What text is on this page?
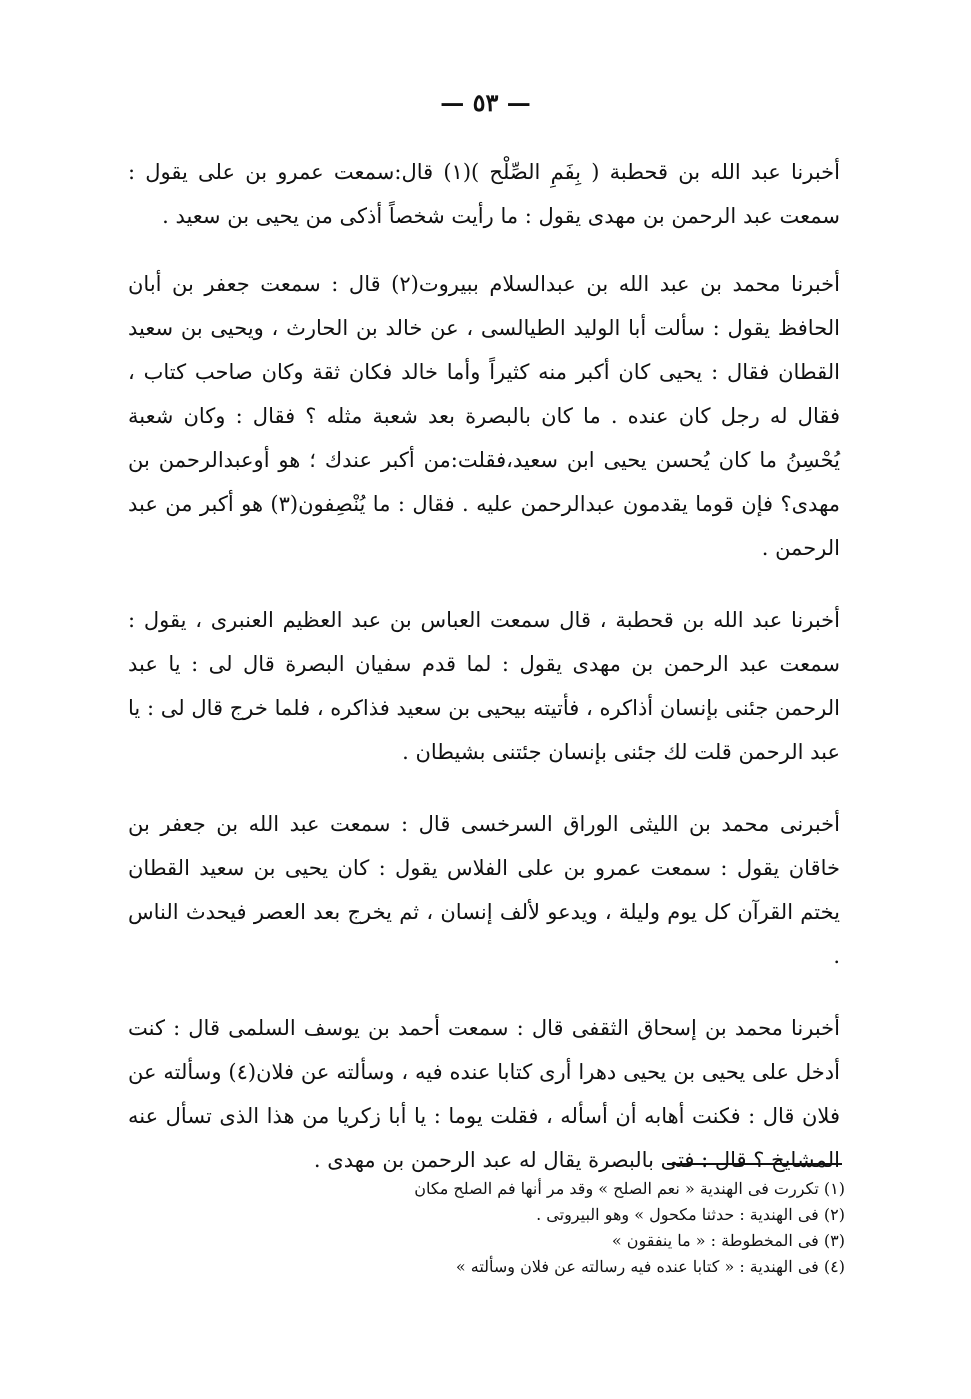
— ٥٣ —

أخبرنا عبد الله بن قحطبة ( بِفَمِ الصِّلْح )(١) قال:سمعت عمرو بن على يقول : سمعت عبد الرحمن بن مهدى يقول : ما رأيت شخصاً أذكى من يحيى بن سعيد .

أخبرنا محمد بن عبد الله بن عبدالسلام ببيروت(٢) قال : سمعت جعفر بن أبان الحافظ يقول : سألت أبا الوليد الطيالسى ، عن خالد بن الحارث ، ويحيى بن سعيد القطان فقال : يحيى كان أكبر منه كثيراً وأما خالد فكان ثقة وكان صاحب كتاب ، فقال له رجل كان عنده . ما كان بالبصرة بعد شعبة مثله ؟ فقال : وكان شعبة يُحْسِنُ ما كان يُحسن يحيى ابن سعيد،فقلت:من أكبر عندك ؛ هو أوعبدالرحمن بن مهدى؟ فإن قوما يقدمون عبدالرحمن عليه . فقال : ما يُنْصِفون(٣) هو أكبر من عبد الرحمن .

أخبرنا عبد الله بن قحطبة ، قال سمعت العباس بن عبد العظيم العنبرى ، يقول : سمعت عبد الرحمن بن مهدى يقول : لما قدم سفيان البصرة قال لى : يا عبد الرحمن جئنى بإنسان أذاكره ، فأتيته بيحيى بن سعيد فذاكره ، فلما خرج قال لى : يا عبد الرحمن قلت لك جئنى بإنسان جئتنى بشيطان .

أخبرنى محمد بن الليثى الوراق السرخسى قال : سمعت عبد الله بن جعفر بن خاقان يقول : سمعت عمرو بن على الفلاس يقول : كان يحيى بن سعيد القطان يختم القرآن كل يوم وليلة ، ويدعو لألف إنسان ، ثم يخرج بعد العصر فيحدث الناس .

أخبرنا محمد بن إسحاق الثقفى قال : سمعت أحمد بن يوسف السلمى قال : كنت أدخل على يحيى بن يحيى دهرا أرى كتابا عنده فيه ، وسألته عن فلان(٤) وسألته عن فلان قال : فكنت أهابه أن أسأله ، فقلت يوما : يا أبا زكريا من هذا الذى تسأل عنه المشايخ ؟ قال : فتى بالبصرة يقال له عبد الرحمن بن مهدى .

(١) تكررت فى الهندية « نعم الصلح » وقد مر أنها فم الصلح مكان

(٢) فى الهندية : حدثنا مكحول » وهو البيروتى .

(٣) فى المخطوطة : « ما ينفقون »

(٤) فى الهندية : « كتابا عنده فيه رسالته عن فلان وسألته »
